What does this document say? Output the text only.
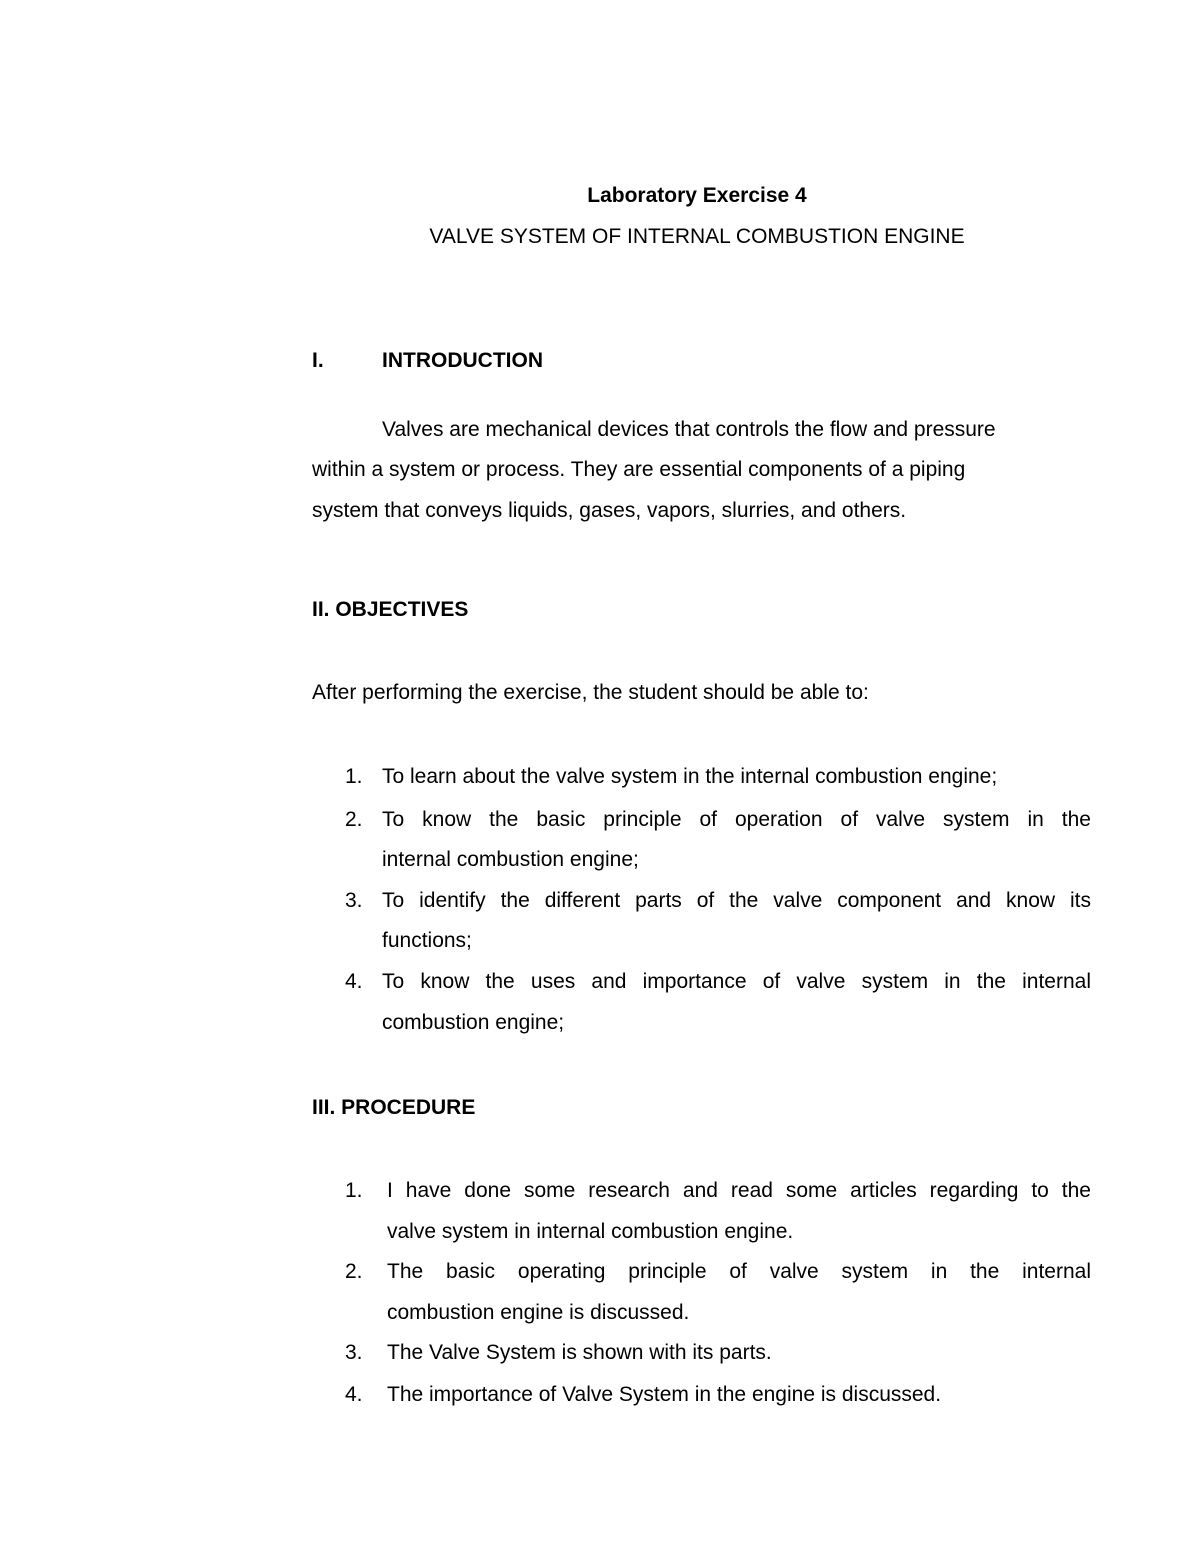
Laboratory Exercise 4
VALVE SYSTEM OF INTERNAL COMBUSTION ENGINE
I.	INTRODUCTION
Valves are mechanical devices that controls the flow and pressure
within a system or process. They are essential components of a piping
system that conveys liquids, gases, vapors, slurries, and others.
II. OBJECTIVES
After performing the exercise, the student should be able to:
1. To learn about the valve system in the internal combustion engine;
2. To know the basic principle of operation of valve system in the
internal combustion engine;
3. To identify the different parts of the valve component and know its
functions;
4. To know the uses and importance of valve system in the internal
combustion engine;
III. PROCEDURE
1. I have done some research and read some articles regarding to the
valve system in internal combustion engine.
2. The basic operating principle of valve system in the internal
combustion engine is discussed.
3. The Valve System is shown with its parts.
4. The importance of Valve System in the engine is discussed.
